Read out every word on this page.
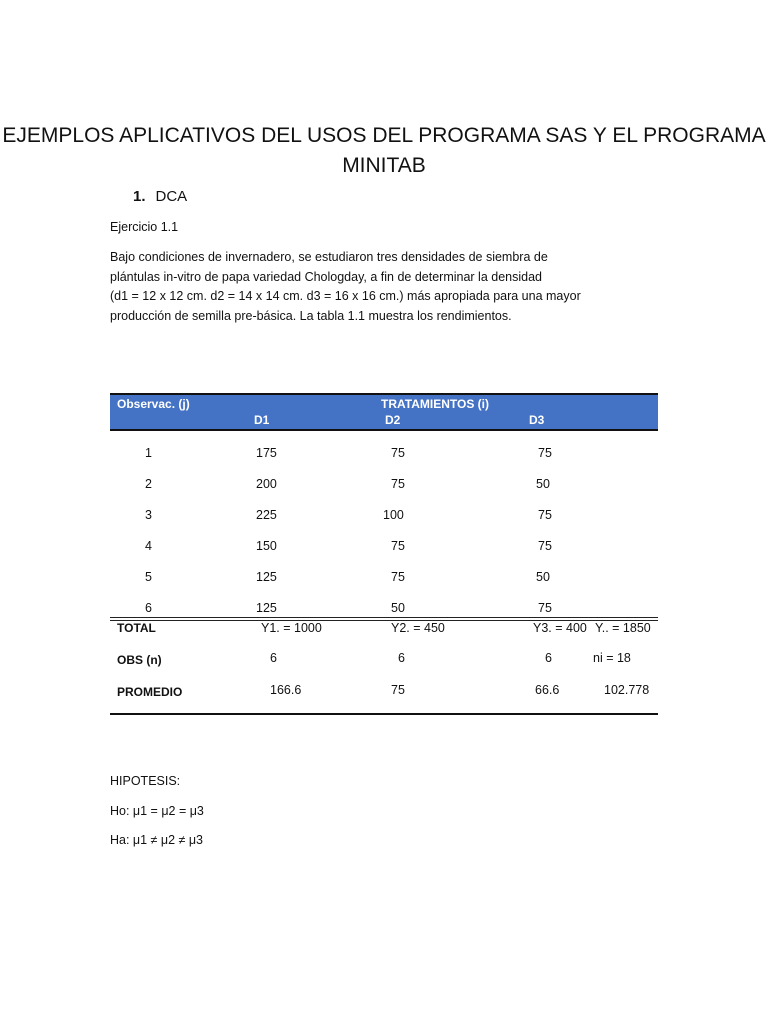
EJEMPLOS APLICATIVOS DEL USOS DEL PROGRAMA SAS Y EL PROGRAMA MINITAB
1. DCA
Ejercicio 1.1
Bajo condiciones de invernadero, se estudiaron tres densidades de siembra de
plántulas in-vitro de papa variedad Chologday, a fin de determinar la densidad
(d1 = 12 x 12 cm. d2 = 14 x 14 cm. d3 = 16 x 16 cm.) más apropiada para una mayor
producción de semilla pre-básica. La tabla 1.1 muestra los rendimientos.
Observac. (j)	TRATAMIENTOS (i)
D1	D2	D3
1	175	75	75
2	200	75	50
3	225	100	75
4	150	75	75
5	125	75	50
6	125	50	75
TOTAL	Y1. = 1000	Y2. = 450	Y3. = 400 Y.. = 1850
OBS (n)	6	6	6	ni = 18
PROMEDIO	166.6	75	66.6	102.778
HIPOTESIS:
Ho: μ1 = μ2 = μ3
Ha: μ1 ≠ μ2 ≠ μ3
